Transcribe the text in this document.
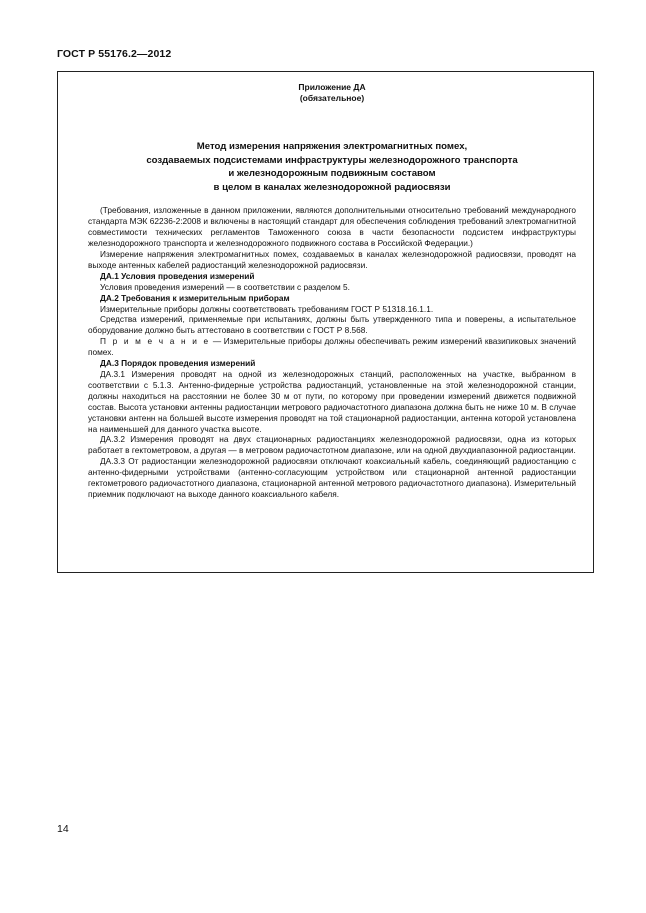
ГОСТ Р 55176.2—2012
Приложение ДА
(обязательное)
Метод измерения напряжения электромагнитных помех,
создаваемых подсистемами инфраструктуры железнодорожного транспорта
и железнодорожным подвижным составом
в целом в каналах железнодорожной радиосвязи

(Требования, изложенные в данном приложении, являются дополнительными относительно требований международного стандарта МЭК 62236-2:2008 и включены в настоящий стандарт для обеспечения соблюдения требований электромагнитной совместимости технических регламентов Таможенного союза в части безопасности подсистем инфраструктуры железнодорожного транспорта и железнодорожного подвижного состава в Российской Федерации.)

Измерение напряжения электромагнитных помех, создаваемых в каналах железнодорожной радиосвязи, проводят на выходе антенных кабелей радиостанций железнодорожной радиосвязи.

ДА.1 Условия проведения измерений

Условия проведения измерений — в соответствии с разделом 5.

ДА.2 Требования к измерительным приборам

Измерительные приборы должны соответствовать требованиям ГОСТ Р 51318.16.1.1.

Средства измерений, применяемые при испытаниях, должны быть утвержденного типа и поверены, а испытательное оборудование должно быть аттестовано в соответствии с ГОСТ Р 8.568.

П р и м е ч а н и е — Измерительные приборы должны обеспечивать режим измерений квазипиковых значений помех.

ДА.3 Порядок проведения измерений

ДА.3.1 Измерения проводят на одной из железнодорожных станций, расположенных на участке, выбранном в соответствии с 5.1.3. Антенно-фидерные устройства радиостанций, установленные на этой железнодорожной станции, должны находиться на расстоянии не более 30 м от пути, по которому при проведении измерений движется подвижной состав. Высота установки антенны радиостанции метрового радиочастотного диапазона должна быть не ниже 10 м. В случае установки антенн на большей высоте измерения проводят на той стационарной радиостанции, антенна которой установлена на наименьшей для данного участка высоте.

ДА.3.2 Измерения проводят на двух стационарных радиостанциях железнодорожной радиосвязи, одна из которых работает в гектометровом, а другая — в метровом радиочастотном диапазоне, или на одной двухдиапазонной радиостанции.

ДА.3.3 От радиостанции железнодорожной радиосвязи отключают коаксиальный кабель, соединяющий радиостанцию с антенно-фидерными устройствами (антенно-согласующим устройством или стационарной антенной радиостанции гектометрового радиочастотного диапазона, стационарной антенной метрового радиочастотного диапазона). Измерительный приемник подключают на выходе данного коаксиального кабеля.

14
